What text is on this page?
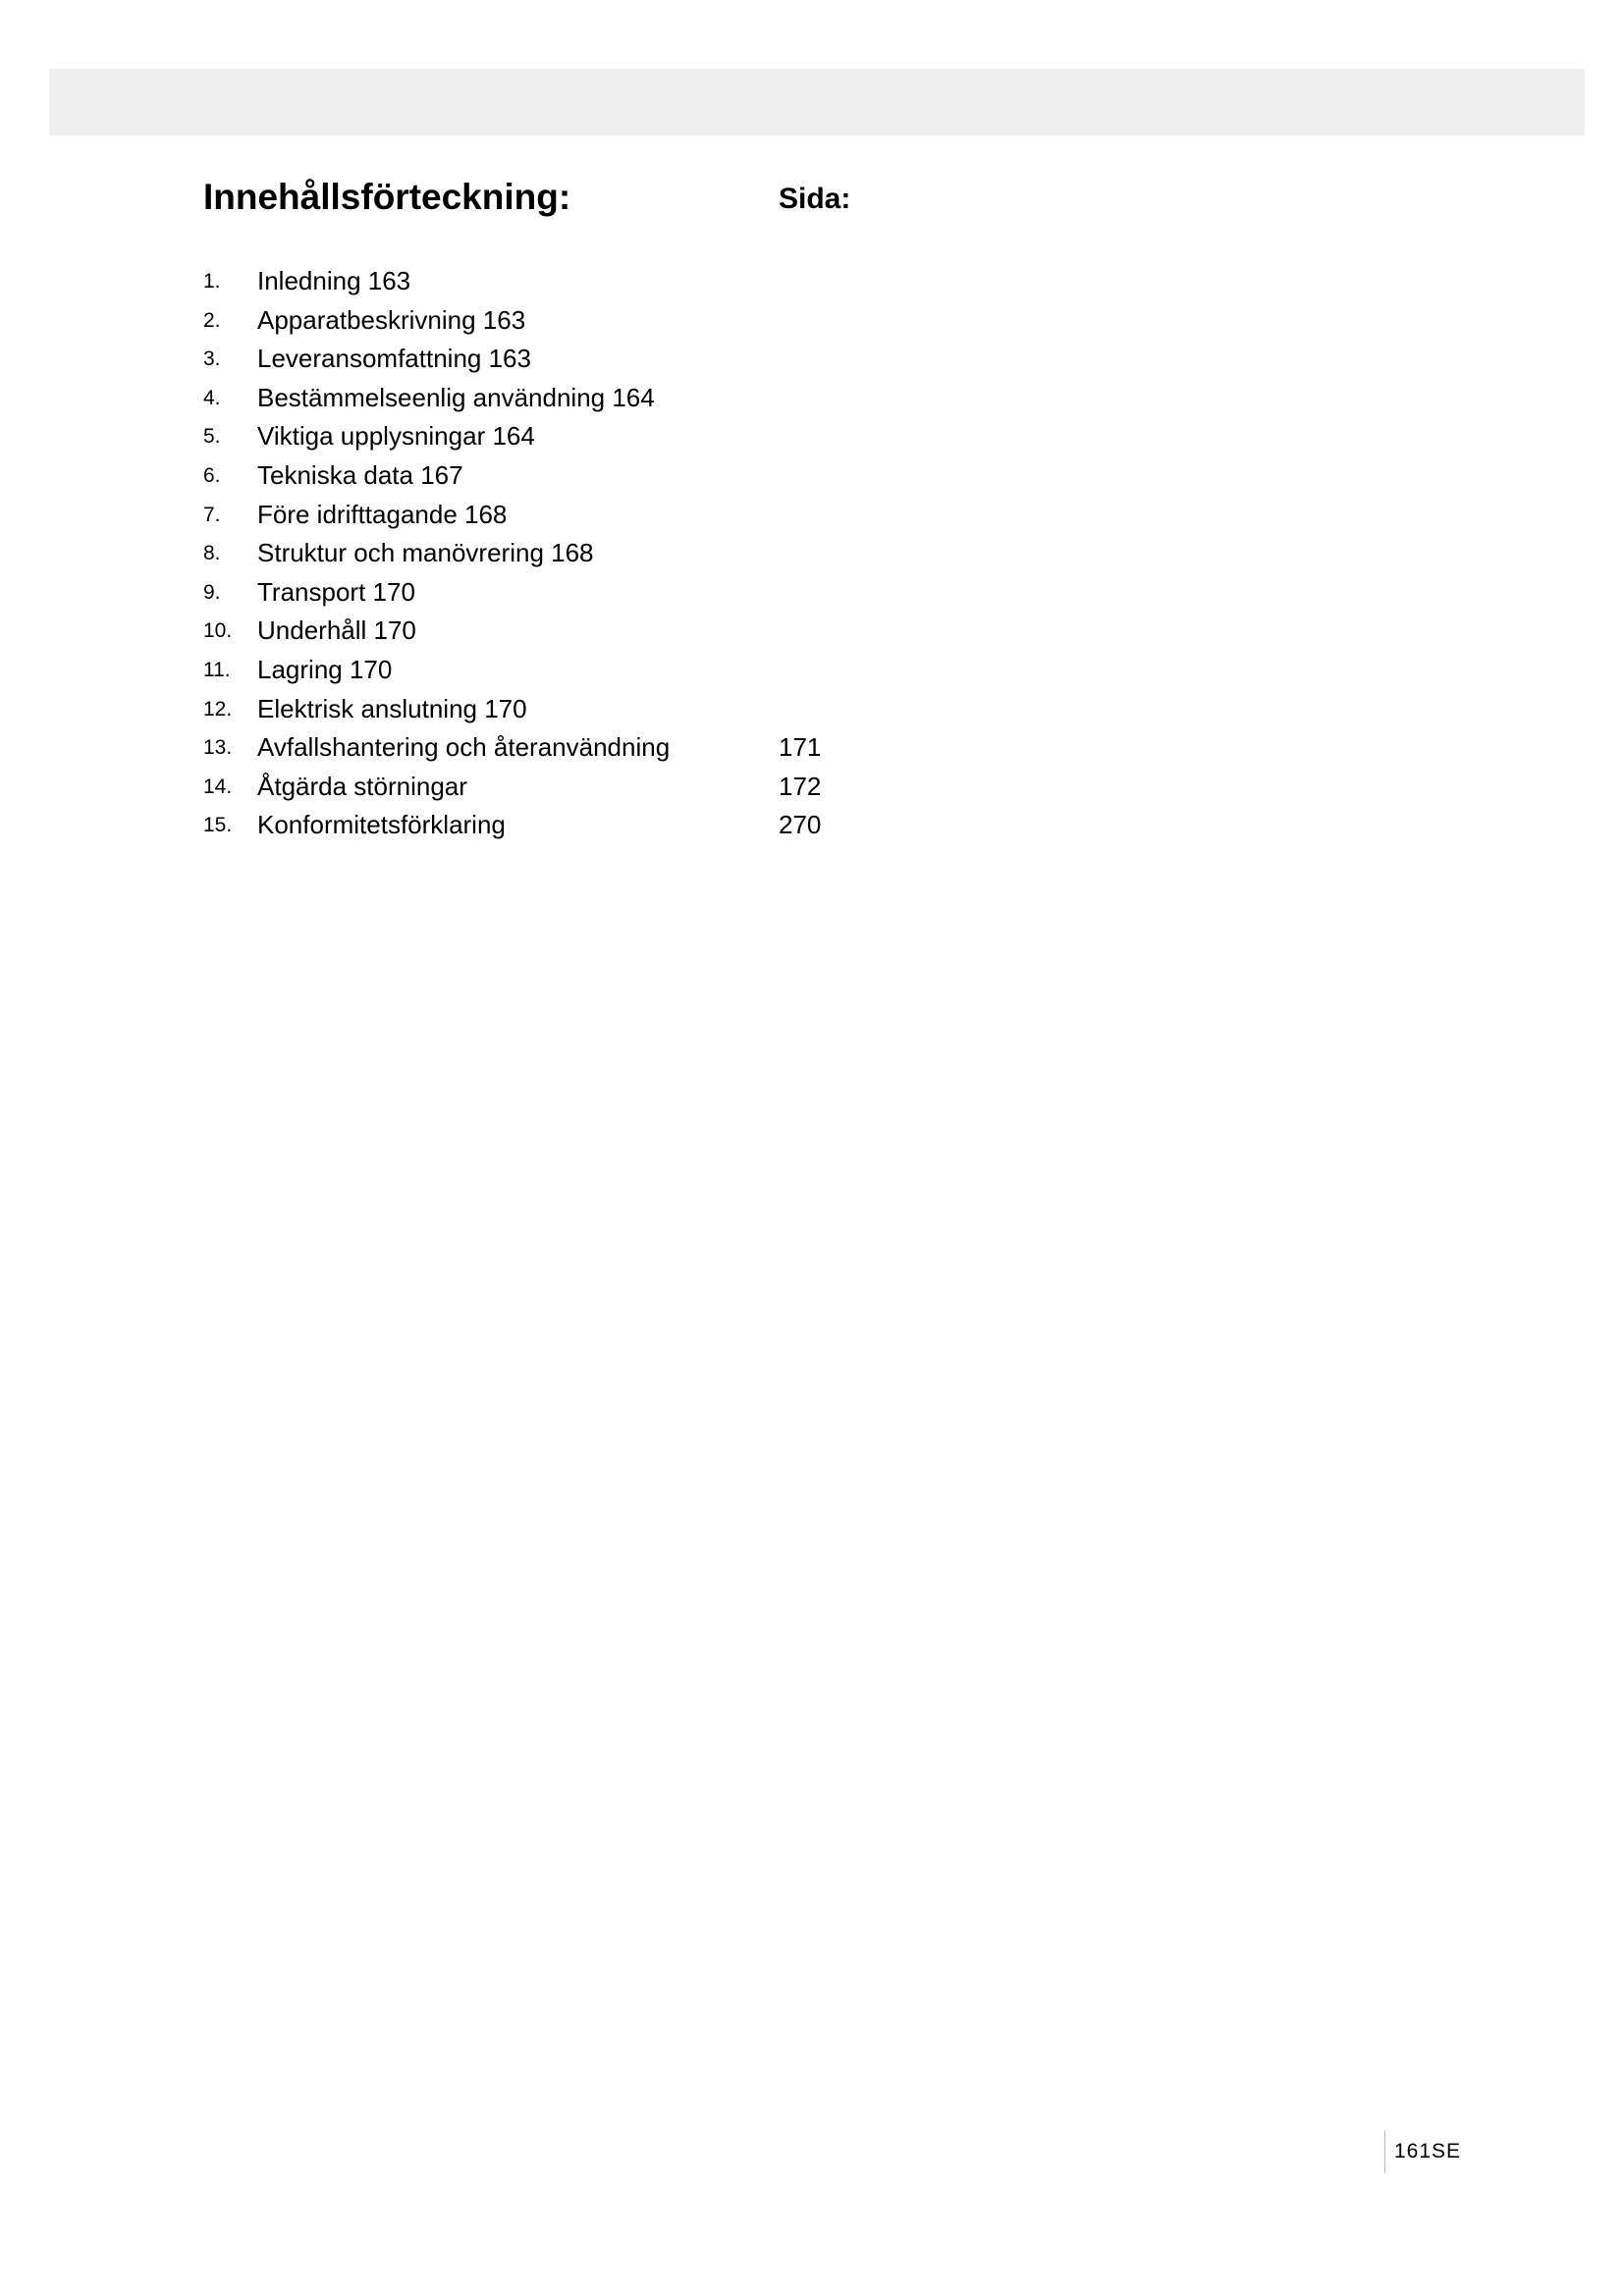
Innehållsförteckning:	Sida:
1. Inledning 163
2. Apparatbeskrivning 163
3. Leveransomfattning 163
4. Bestämmelseenlig användning 164
5. Viktiga upplysningar 164
6. Tekniska data 167
7. Före idrifttagande 168
8. Struktur och manövrering 168
9. Transport 170
10. Underhåll 170
11. Lagring 170
12. Elektrisk anslutning 170
13. Avfallshantering och återanvändning	171
14. Åtgärda störningar	172
15. Konformitetsförklaring	270
161SE
